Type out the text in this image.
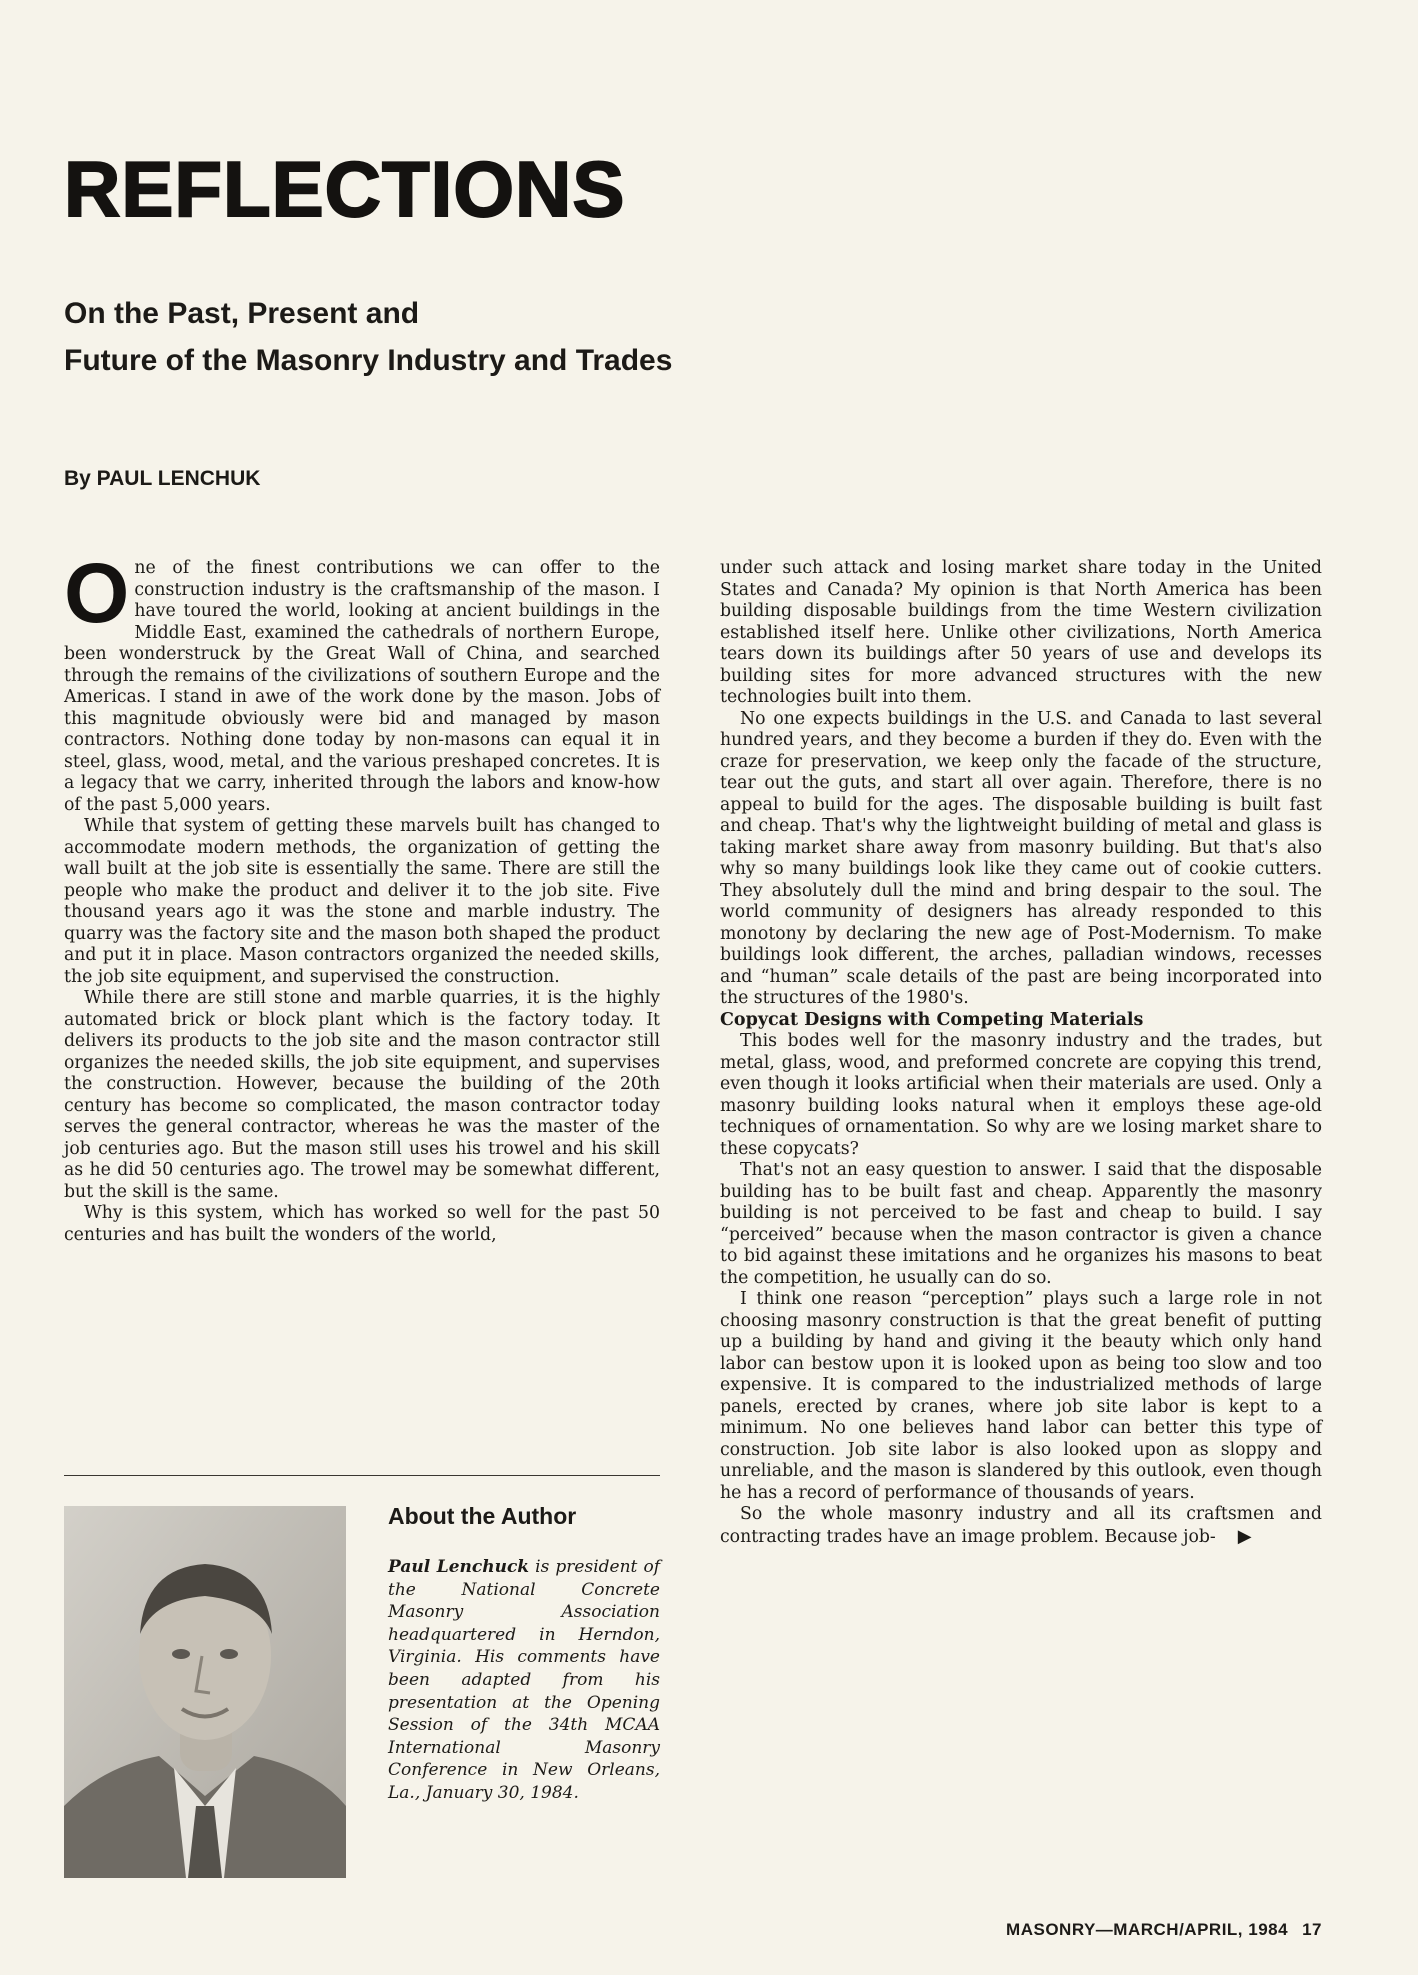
REFLECTIONS
On the Past, Present and
Future of the Masonry Industry and Trades

By PAUL LENCHUK

One of the finest contributions we can offer to the construction industry is the craftsmanship of the mason. I have toured the world, looking at ancient buildings in the Middle East, examined the cathedrals of northern Europe, been wonderstruck by the Great Wall of China, and searched through the remains of the civilizations of southern Europe and the Americas. I stand in awe of the work done by the mason. Jobs of this magnitude obviously were bid and managed by mason contractors. Nothing done today by non-masons can equal it in steel, glass, wood, metal, and the various preshaped concretes. It is a legacy that we carry, inherited through the labors and know-how of the past 5,000 years.

While that system of getting these marvels built has changed to accommodate modern methods, the organization of getting the wall built at the job site is essentially the same. There are still the people who make the product and deliver it to the job site. Five thousand years ago it was the stone and marble industry. The quarry was the factory site and the mason both shaped the product and put it in place. Mason contractors organized the needed skills, the job site equipment, and supervised the construction.

While there are still stone and marble quarries, it is the highly automated brick or block plant which is the factory today. It delivers its products to the job site and the mason contractor still organizes the needed skills, the job site equipment, and supervises the construction. However, because the building of the 20th century has become so complicated, the mason contractor today serves the general contractor, whereas he was the master of the job centuries ago. But the mason still uses his trowel and his skill as he did 50 centuries ago. The trowel may be somewhat different, but the skill is the same.

Why is this system, which has worked so well for the past 50 centuries and has built the wonders of the world,

under such attack and losing market share today in the United States and Canada? My opinion is that North America has been building disposable buildings from the time Western civilization established itself here. Unlike other civilizations, North America tears down its buildings after 50 years of use and develops its building sites for more advanced structures with the new technologies built into them.

No one expects buildings in the U.S. and Canada to last several hundred years, and they become a burden if they do. Even with the craze for preservation, we keep only the facade of the structure, tear out the guts, and start all over again. Therefore, there is no appeal to build for the ages. The disposable building is built fast and cheap. That's why the lightweight building of metal and glass is taking market share away from masonry building. But that's also why so many buildings look like they came out of cookie cutters. They absolutely dull the mind and bring despair to the soul. The world community of designers has already responded to this monotony by declaring the new age of Post-Modernism. To make buildings look different, the arches, palladian windows, recesses and “human” scale details of the past are being incorporated into the structures of the 1980's.

Copycat Designs with Competing Materials

This bodes well for the masonry industry and the trades, but metal, glass, wood, and preformed concrete are copying this trend, even though it looks artificial when their materials are used. Only a masonry building looks natural when it employs these age-old techniques of ornamentation. So why are we losing market share to these copycats?

That's not an easy question to answer. I said that the disposable building has to be built fast and cheap. Apparently the masonry building is not perceived to be fast and cheap to build. I say “perceived” because when the mason contractor is given a chance to bid against these imitations and he organizes his masons to beat the competition, he usually can do so.

I think one reason “perception” plays such a large role in not choosing masonry construction is that the great benefit of putting up a building by hand and giving it the beauty which only hand labor can bestow upon it is looked upon as being too slow and too expensive. It is compared to the industrialized methods of large panels, erected by cranes, where job site labor is kept to a minimum. No one believes hand labor can better this type of construction. Job site labor is also looked upon as sloppy and unreliable, and the mason is slandered by this outlook, even though he has a record of performance of thousands of years.

So the whole masonry industry and all its craftsmen and contracting trades have an image problem. Because job- ▶

About the Author

Paul Lenchuck is president of the National Concrete Masonry Association headquartered in Herndon, Virginia. His comments have been adapted from his presentation at the Opening Session of the 34th MCAA International Masonry Conference in New Orleans, La., January 30, 1984.

MASONRY—MARCH/APRIL, 1984 17
